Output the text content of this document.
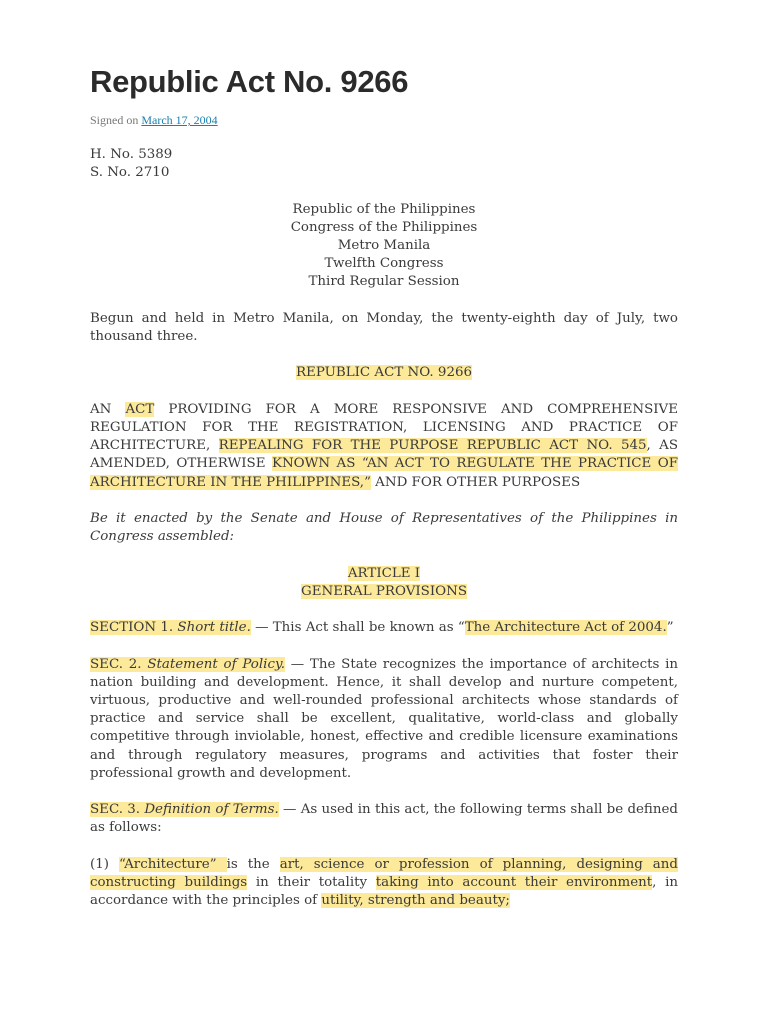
Republic Act No. 9266
Signed on March 17, 2004
H. No. 5389
S. No. 2710
Republic of the Philippines
Congress of the Philippines
Metro Manila
Twelfth Congress
Third Regular Session
Begun and held in Metro Manila, on Monday, the twenty-eighth day of July, two thousand three.
REPUBLIC ACT NO. 9266
AN ACT PROVIDING FOR A MORE RESPONSIVE AND COMPREHENSIVE REGULATION FOR THE REGISTRATION, LICENSING AND PRACTICE OF ARCHITECTURE, REPEALING FOR THE PURPOSE REPUBLIC ACT NO. 545, AS AMENDED, OTHERWISE KNOWN AS “AN ACT TO REGULATE THE PRACTICE OF ARCHITECTURE IN THE PHILIPPINES,” AND FOR OTHER PURPOSES
Be it enacted by the Senate and House of Representatives of the Philippines in Congress assembled:
ARTICLE I
GENERAL PROVISIONS
SECTION 1. Short title. — This Act shall be known as “The Architecture Act of 2004.”
SEC. 2. Statement of Policy. — The State recognizes the importance of architects in nation building and development. Hence, it shall develop and nurture competent, virtuous, productive and well-rounded professional architects whose standards of practice and service shall be excellent, qualitative, world-class and globally competitive through inviolable, honest, effective and credible licensure examinations and through regulatory measures, programs and activities that foster their professional growth and development.
SEC. 3. Definition of Terms. — As used in this act, the following terms shall be defined as follows:
(1) “Architecture” is the art, science or profession of planning, designing and constructing buildings in their totality taking into account their environment, in accordance with the principles of utility, strength and beauty;
